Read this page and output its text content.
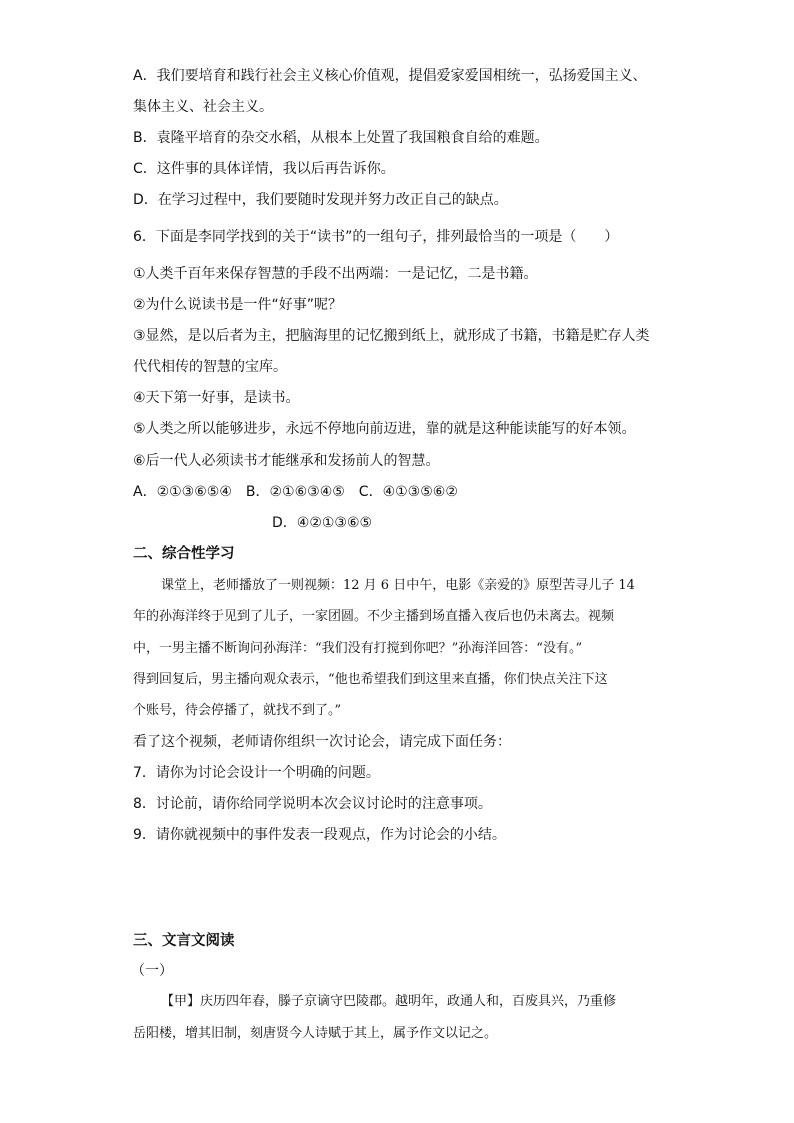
A．我们要培育和践行社会主义核心价值观，提倡爱家爱国相统一，弘扬爱国主义、
集体主义、社会主义。
B．袁隆平培育的杂交水稻，从根本上处置了我国粮食自给的难题。
C．这件事的具体详情，我以后再告诉你。
D．在学习过程中，我们要随时发现并努力改正自己的缺点。
6．下面是李同学找到的关于“读书”的一组句子，排列最恰当的一项是（　　）
①人类千百年来保存智慧的手段不出两端：一是记忆，二是书籍。
②为什么说读书是一件“好事”呢？
③显然，是以后者为主，把脑海里的记忆搬到纸上，就形成了书籍，书籍是贮存人类
代代相传的智慧的宝库。
④天下第一好事，是读书。
⑤人类之所以能够进步，永远不停地向前迈进，靠的就是这种能读能写的好本领。
⑥后一代人必须读书才能继承和发扬前人的智慧。
A．②①③⑥⑤④　B．②①⑥③④⑤　C．④①③⑤⑥②
D．④②①③⑥⑤
二、综合性学习
课堂上，老师播放了一则视频：12 月 6 日中午，电影《亲爱的》原型苦寻儿子 14
年的孙海洋终于见到了儿子，一家团圆。不少主播到场直播入夜后也仍未离去。视频
中，一男主播不断询问孙海洋：“我们没有打搅到你吧？”孙海洋回答：“没有。”
得到回复后，男主播向观众表示，“他也希望我们到这里来直播，你们快点关注下这
个账号，待会停播了，就找不到了。”
看了这个视频，老师请你组织一次讨论会，请完成下面任务：
7．请你为讨论会设计一个明确的问题。
8．讨论前，请你给同学说明本次会议讨论时的注意事项。
9．请你就视频中的事件发表一段观点，作为讨论会的小结。
三、文言文阅读
（一）
【甲】庆历四年春，滕子京谪守巴陵郡。越明年，政通人和，百废具兴，乃重修
岳阳楼，增其旧制，刻唐贤今人诗赋于其上，属予作文以记之。
